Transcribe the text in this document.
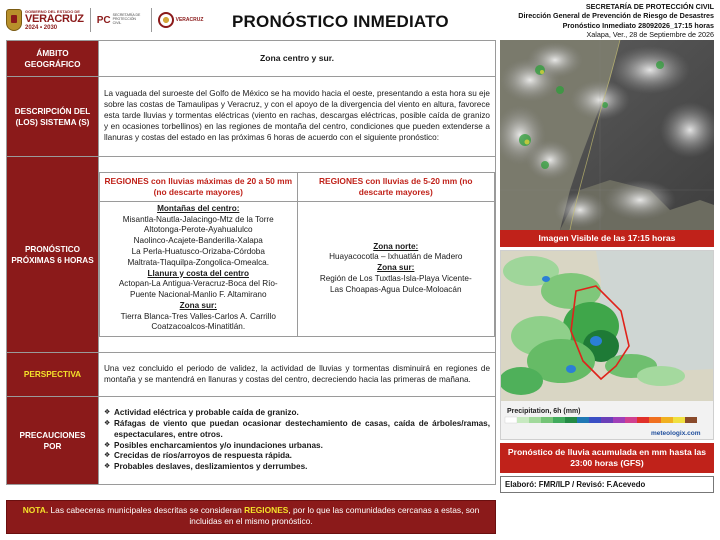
GOBIERNO DEL ESTADO DE
VERACRUZ
2024 • 2030
PC SECRETARÍA DE PROTECCIÓN CIVIL
VERACRUZ PRONÓSTICO INMEDIATO
SECRETARÍA DE PROTECCIÓN CIVIL
Dirección General de Prevención de Riesgo de Desastres
Pronóstico Inmediato 28092026_17:15 horas
Xalapa, Ver., 28 de Septiembre de 2026
ÁMBITO GEOGRÁFICO	Zona centro y sur.
DESCRIPCIÓN DEL (LOS) SISTEMA (S)	La vaguada del suroeste del Golfo de México se ha movido hacia el oeste, presentando a esta hora su eje sobre las costas de Tamaulipas y Veracruz, y con el apoyo de la divergencia del viento en altura, favorece esta tarde lluvias y tormentas eléctricas (viento en rachas, descargas eléctricas, posible caída de granizo y en ocasiones torbellinos) en las regiones de montaña del centro, condiciones que pueden extenderse a llanuras y costas del estado en las próximas 6 horas de acuerdo con el siguiente pronóstico:
PRONÓSTICO PRÓXIMAS 6 HORAS	
REGIONES con lluvias máximas de 20 a 50 mm (no descarte mayores)	REGIONES con lluvias de 5-20 mm (no descarte mayores)

Montañas del centro:
Misantla-Nautla-Jalacingo-Mtz de la Torre
Altotonga-Perote-Ayahualulco
Naolinco-Acajete-Banderilla-Xalapa
La Perla-Huatusco-Orizaba-Córdoba
Maltrata-Tlaquilpa-Zongolica-Omealca.
Llanura y costa del centro
Actopan-La Antigua-Veracruz-Boca del Río-
Puente Nacional-Manlio F. Altamirano
Zona sur:
Tierra Blanca-Tres Valles-Carlos A. Carrillo
Coatzacoalcos-Minatitlán.

Zona norte:
Huayacocotla – Ixhuatlán de Madero
Zona sur:
Región de Los Tuxtlas-Isla-Playa Vicente-
Las Choapas-Agua Dulce-Moloacán

PERSPECTIVA	Una vez concluido el periodo de validez, la actividad de lluvias y tormentas disminuirá en regiones de montaña y se mantendrá en llanuras y costas del centro, decreciendo hacia las primeras de mañana.
PRECAUCIONES POR	
❖ Actividad eléctrica y probable caída de granizo.
❖ Ráfagas de viento que puedan ocasionar destechamiento de casas, caída de árboles/ramas, espectaculares, entre otros.
❖ Posibles encharcamientos y/o inundaciones urbanas.
❖ Crecidas de ríos/arroyos de respuesta rápida.
❖ Probables deslaves, deslizamientos y derrumbes.
NOTA. Las cabeceras municipales descritas se consideran REGIONES, por lo que las comunidades cercanas a estas, son incluidas en el mismo pronóstico.
Imagen Visible de las 17:15 horas
Precipitation, 6h (mm)
meteologix.com
Pronóstico de lluvia acumulada en mm hasta las 23:00 horas (GFS)
Elaboró: FMR/ILP / Revisó: F.Acevedo
